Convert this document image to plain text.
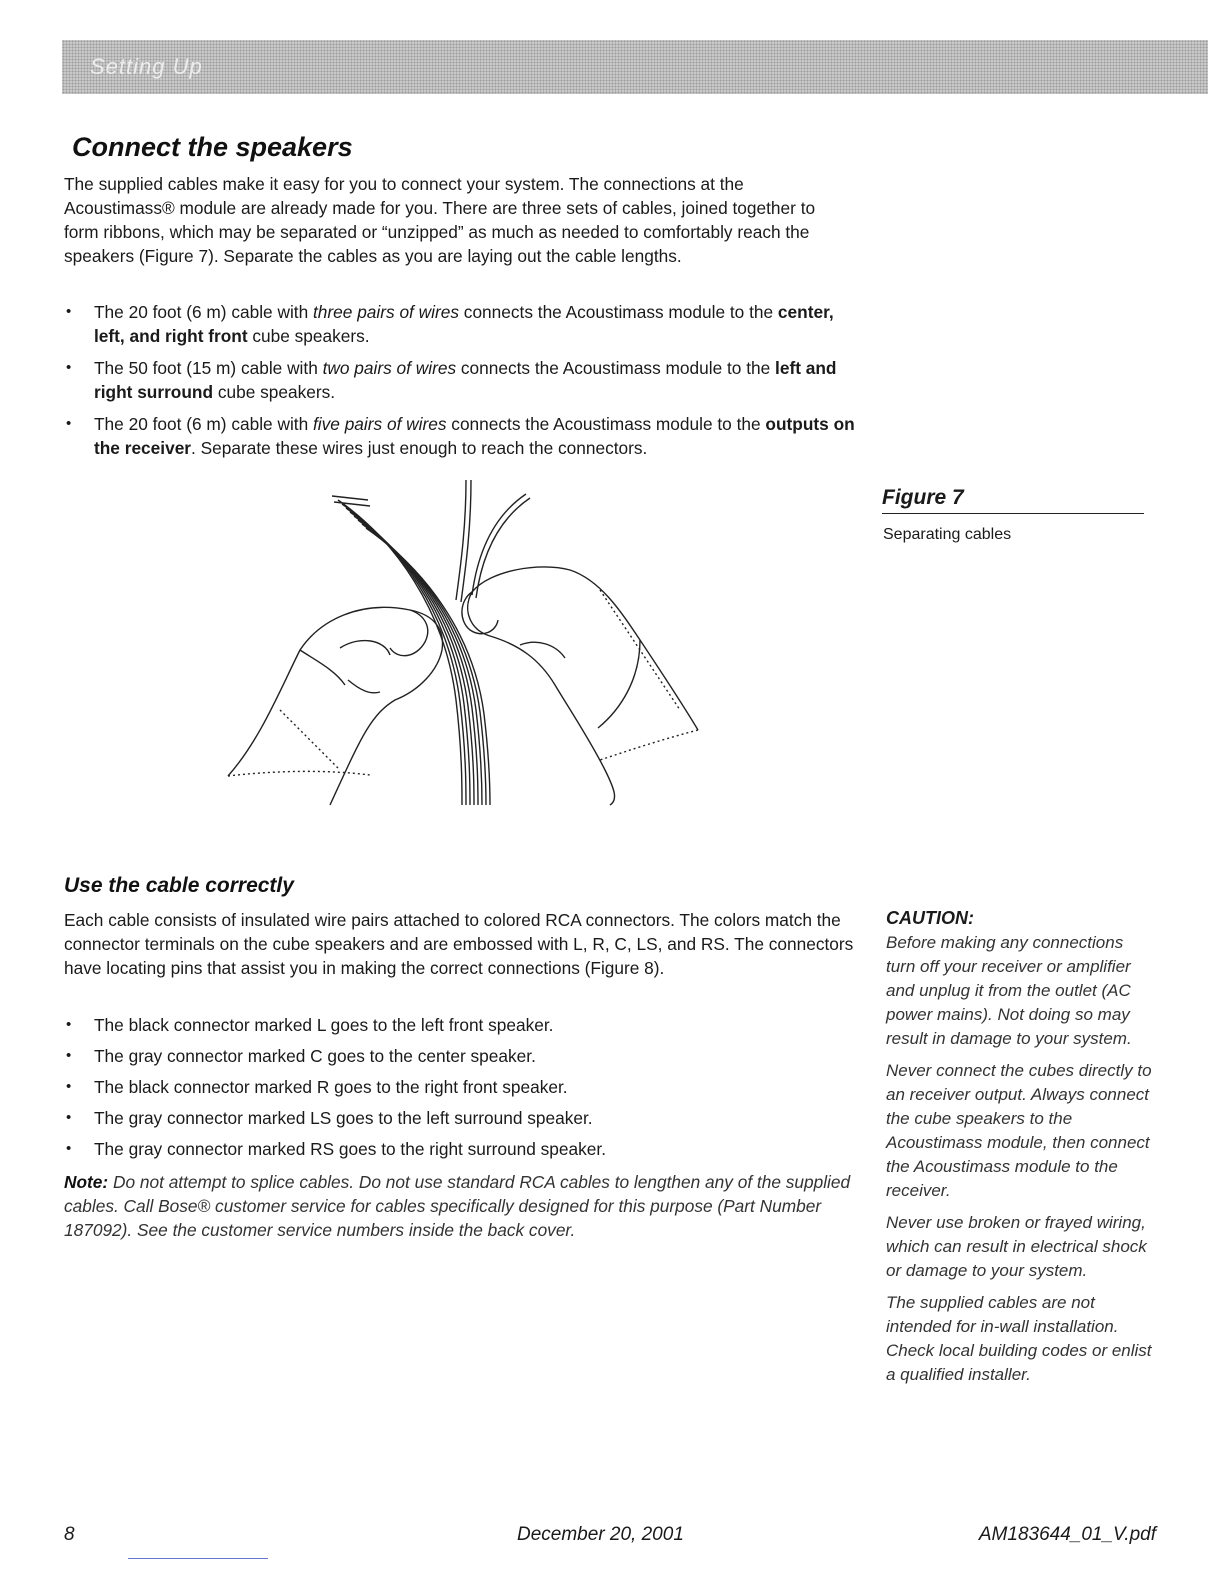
Setting Up
Connect the speakers

The supplied cables make it easy for you to connect your system. The connections at the Acoustimass® module are already made for you. There are three sets of cables, joined together to form ribbons, which may be separated or “unzipped” as much as needed to comfortably reach the speakers (Figure 7). Separate the cables as you are laying out the cable lengths.

• The 20 foot (6 m) cable with three pairs of wires connects the Acoustimass module to the center, left, and right front cube speakers.
• The 50 foot (15 m) cable with two pairs of wires connects the Acoustimass module to the left and right surround cube speakers.
• The 20 foot (6 m) cable with five pairs of wires connects the Acoustimass module to the outputs on the receiver. Separate these wires just enough to reach the connectors.
Figure 7

Separating cables

Use the cable correctly

Each cable consists of insulated wire pairs attached to colored RCA connectors. The colors match the connector terminals on the cube speakers and are embossed with L, R, C, LS, and RS. The connectors have locating pins that assist you in making the correct connections (Figure 8).

• The black connector marked L goes to the left front speaker.
• The gray connector marked C goes to the center speaker.
• The black connector marked R goes to the right front speaker.
• The gray connector marked LS goes to the left surround speaker.
• The gray connector marked RS goes to the right surround speaker.

Note: Do not attempt to splice cables. Do not use standard RCA cables to lengthen any of the supplied cables. Call Bose® customer service for cables specifically designed for this purpose (Part Number 187092). See the customer service numbers inside the back cover.

CAUTION:

Before making any connections turn off your receiver or amplifier and unplug it from the outlet (AC power mains). Not doing so may result in damage to your system.

Never connect the cubes directly to an receiver output. Always connect the cube speakers to the Acoustimass module, then connect the Acoustimass module to the receiver.

Never use broken or frayed wiring, which can result in electrical shock or damage to your system.

The supplied cables are not intended for in-wall installation. Check local building codes or enlist a qualified installer.

8	December 20, 2001	AM183644_01_V.pdf
